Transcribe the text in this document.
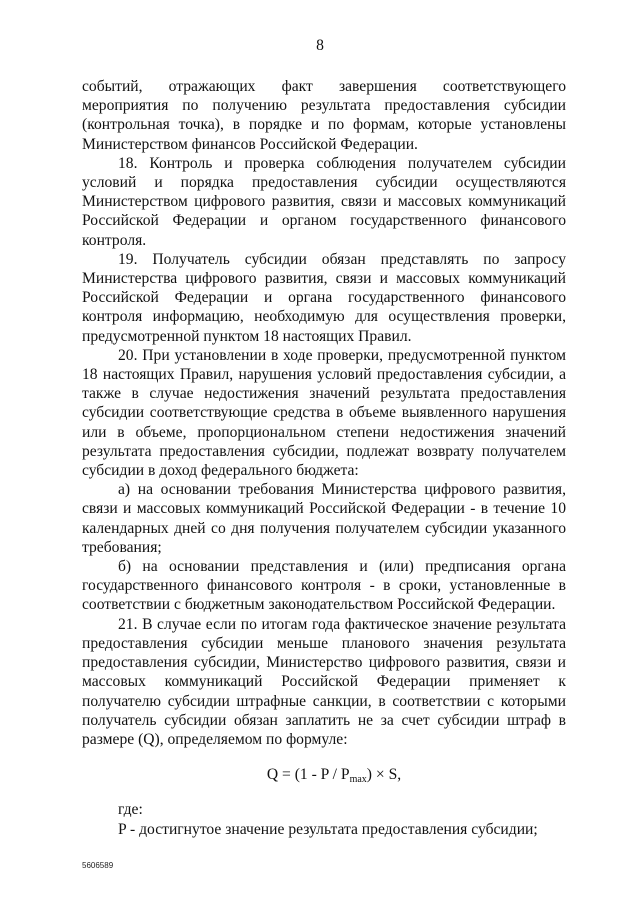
8

событий, отражающих факт завершения соответствующего мероприятия по получению результата предоставления субсидии (контрольная точка), в порядке и по формам, которые установлены Министерством финансов Российской Федерации.

18. Контроль и проверка соблюдения получателем субсидии условий и порядка предоставления субсидии осуществляются Министерством цифрового развития, связи и массовых коммуникаций Российской Федерации и органом государственного финансового контроля.

19. Получатель субсидии обязан представлять по запросу Министерства цифрового развития, связи и массовых коммуникаций Российской Федерации и органа государственного финансового контроля информацию, необходимую для осуществления проверки, предусмотренной пунктом 18 настоящих Правил.

20. При установлении в ходе проверки, предусмотренной пунктом 18 настоящих Правил, нарушения условий предоставления субсидии, а также в случае недостижения значений результата предоставления субсидии соответствующие средства в объеме выявленного нарушения или в объеме, пропорциональном степени недостижения значений результата предоставления субсидии, подлежат возврату получателем субсидии в доход федерального бюджета:

а) на основании требования Министерства цифрового развития, связи и массовых коммуникаций Российской Федерации - в течение 10 календарных дней со дня получения получателем субсидии указанного требования;

б) на основании представления и (или) предписания органа государственного финансового контроля - в сроки, установленные в соответствии с бюджетным законодательством Российской Федерации.

21. В случае если по итогам года фактическое значение результата предоставления субсидии меньше планового значения результата предоставления субсидии, Министерство цифрового развития, связи и массовых коммуникаций Российской Федерации применяет к получателю субсидии штрафные санкции, в соответствии с которыми получатель субсидии обязан заплатить не за счет субсидии штраф в размере (Q), определяемом по формуле:

$Q = (1 - P / P_{max}) \times S$,

где:

P - достигнутое значение результата предоставления субсидии;

5606589
